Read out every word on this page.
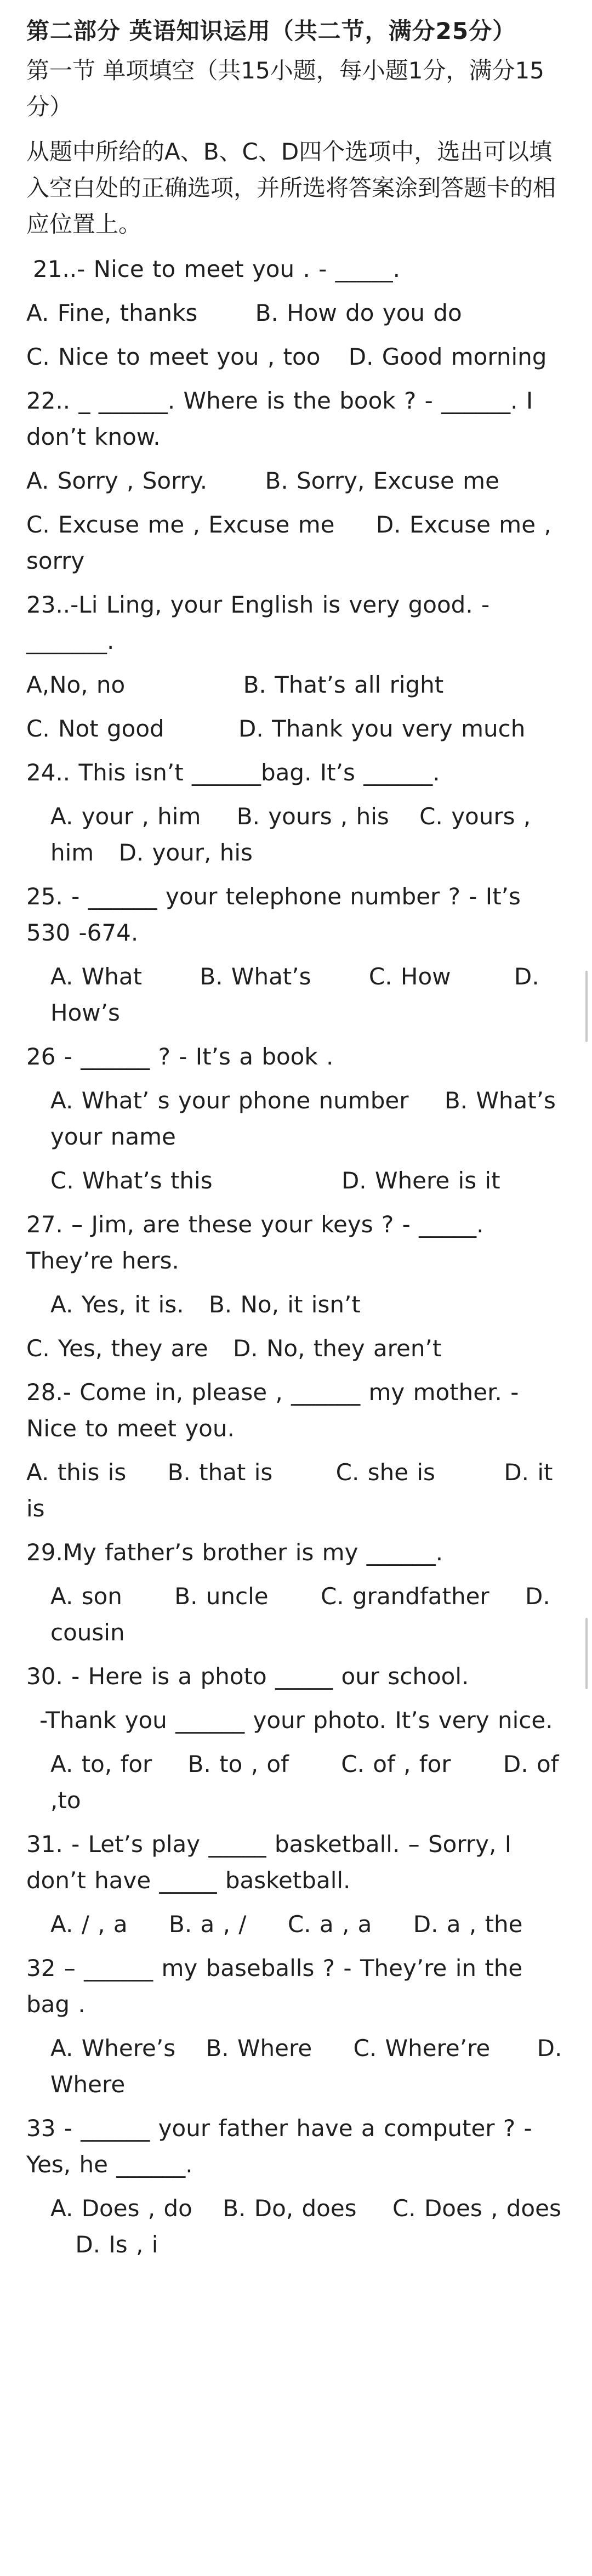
第二部分 英语知识运用（共二节，满分25分）
第一节 单项填空（共15小题，每小题1分，满分15分）
从题中所给的A、B、C、D四个选项中，选出可以填入空白处的正确选项，并所选将答案涂到答题卡的相应位置上。
21..- Nice to meet you . - _____.
A. Fine, thanks	B. How do you do
C. Nice to meet you , too D. Good morning
22.. _ ______. Where is the book ? - ______. I don’t know.
A. Sorry , Sorry.	B. Sorry, Excuse me
C. Excuse me , Excuse me D. Excuse me , sorry
23..-Li Ling, your English is very good. -_______.
A,No, no	B. That’s all right
C. Not good	D. Thank you very much
24.. This isn’t ______bag. It’s ______.
A. your , him B. yours , his C. yours , him D. your, his
25. - ______ your telephone number ? - It’s 530 -674.
A. What	B. What’s	C. How	D. How’s
26 - ______ ? - It’s a book .
A. What’ s your phone number B. What’s your name
C. What’s this	D. Where is it
27. – Jim, are these your keys ? - _____. They’re hers.
A. Yes, it is. B. No, it isn’t
C. Yes, they are D. No, they aren’t
28.- Come in, please , ______ my mother. - Nice to meet you.
A. this is B. that is	C. she is	D. it is
29.My father’s brother is my ______.
A. son B. uncle C. grandfather D. cousin
30. - Here is a photo _____ our school.
-Thank you ______ your photo. It’s very nice.
A. to, for B. to , of C. of , for D. of ,to
31. - Let’s play _____ basketball. – Sorry, I don’t have _____ basketball.
A. / , a B. a , / C. a , a D. a , the
32 – ______ my baseballs ? - They’re in the bag .
A. Where’s B. Where C. Where’re D. Where
33 - ______ your father have a computer ? - Yes, he ______.
A. Does , do B. Do, does C. Does , does D. Is , i
